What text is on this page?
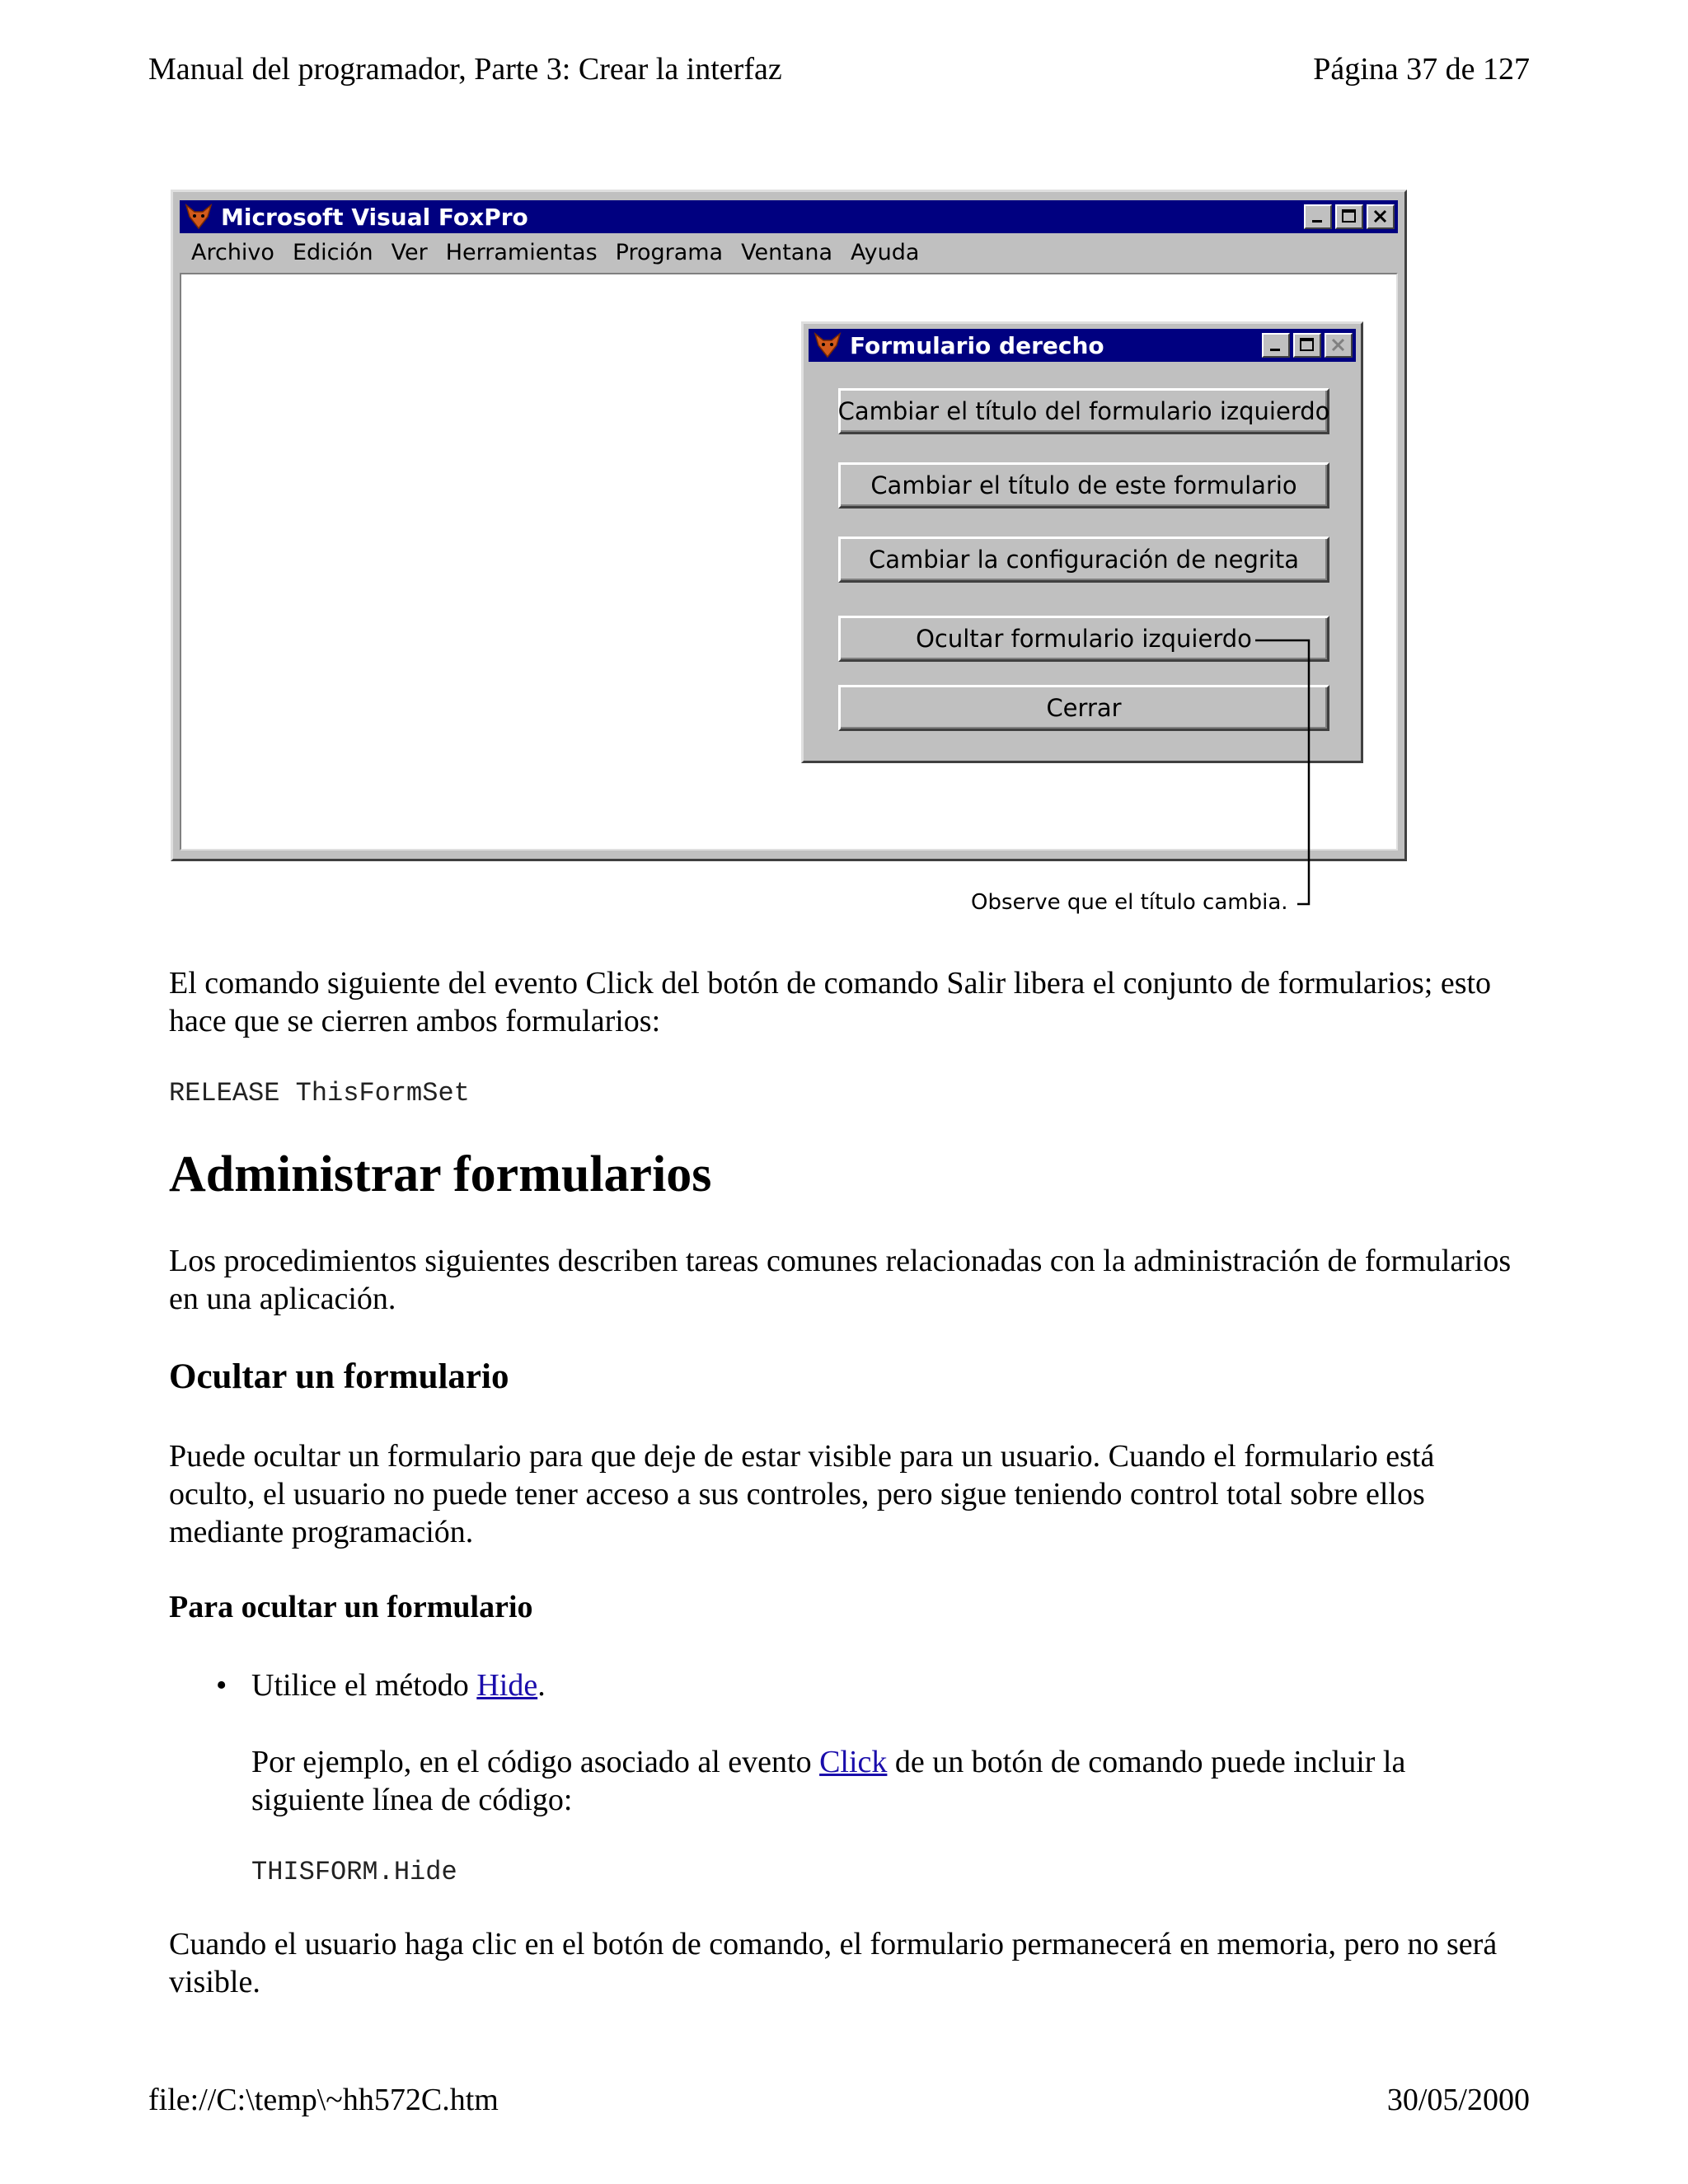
Manual del programador, Parte 3: Crear la interfaz	Página 37 de 127
Microsoft Visual FoxPro
Archivo Edición Ver Herramientas Programa Ventana Ayuda
Formulario derecho
Cambiar el título del formulario izquierdo
Cambiar el título de este formulario
Cambiar la configuración de negrita
Ocultar formulario izquierdo
Cerrar
Observe que el título cambia.
El comando siguiente del evento Click del botón de comando Salir libera el conjunto de formularios; esto hace que se cierren ambos formularios:
RELEASE ThisFormSet
Administrar formularios
Los procedimientos siguientes describen tareas comunes relacionadas con la administración de formularios en una aplicación.
Ocultar un formulario
Puede ocultar un formulario para que deje de estar visible para un usuario. Cuando el formulario está oculto, el usuario no puede tener acceso a sus controles, pero sigue teniendo control total sobre ellos mediante programación.
Para ocultar un formulario
• Utilice el método Hide.
Por ejemplo, en el código asociado al evento Click de un botón de comando puede incluir la siguiente línea de código:
THISFORM.Hide
Cuando el usuario haga clic en el botón de comando, el formulario permanecerá en memoria, pero no será visible.
file://C:\temp\~hh572C.htm	30/05/2000
